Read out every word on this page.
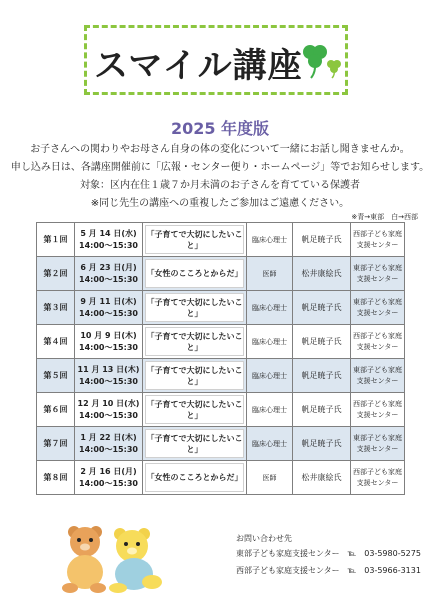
スマイル講座
2025 年度版
お子さんへの関わりやお母さん自身の体の変化について一緒にお話し聞きませんか。
申し込み日は、各講座開催前に「広報・センター便り・ホームページ」等でお知らせします。
対象：区内在住１歳７か月未満のお子さんを育てている保護者
※同じ先生の講座への重複したご参加はご遠慮ください。
※青→東部　白→西部
第１回	5 月 14 日(水)
14:00～15:30	「子育てで大切にしたいこと」	臨床心理士	帆足暁子氏	西部子ども家庭
支援センター

第２回	6 月 23 日(月)
14:00～15:30	「女性のこころとからだ」	医師	松井康絵氏	東部子ども家庭
支援センター

第３回	9 月 11 日(木)
14:00～15:30	「子育てで大切にしたいこと」	臨床心理士	帆足暁子氏	東部子ども家庭
支援センター

第４回	10 月 9 日(木)
14:00～15:30	「子育てで大切にしたいこと」	臨床心理士	帆足暁子氏	西部子ども家庭
支援センター

第５回	11 月 13 日(木)
14:00～15:30	「子育てで大切にしたいこと」	臨床心理士	帆足暁子氏	東部子ども家庭
支援センター

第６回	12 月 10 日(水)
14:00～15:30	「子育てで大切にしたいこと」	臨床心理士	帆足暁子氏	西部子ども家庭
支援センター

第７回	1 月 22 日(木)
14:00～15:30	「子育てで大切にしたいこと」	臨床心理士	帆足暁子氏	東部子ども家庭
支援センター

第８回	2 月 16 日(月)
14:00～15:30	「女性のこころとからだ」	医師	松井康絵氏	西部子ども家庭
支援センター
お問い合わせ先
東部子ども家庭支援センター　℡　03-5980-5275
西部子ども家庭支援センター　℡　03-5966-3131
